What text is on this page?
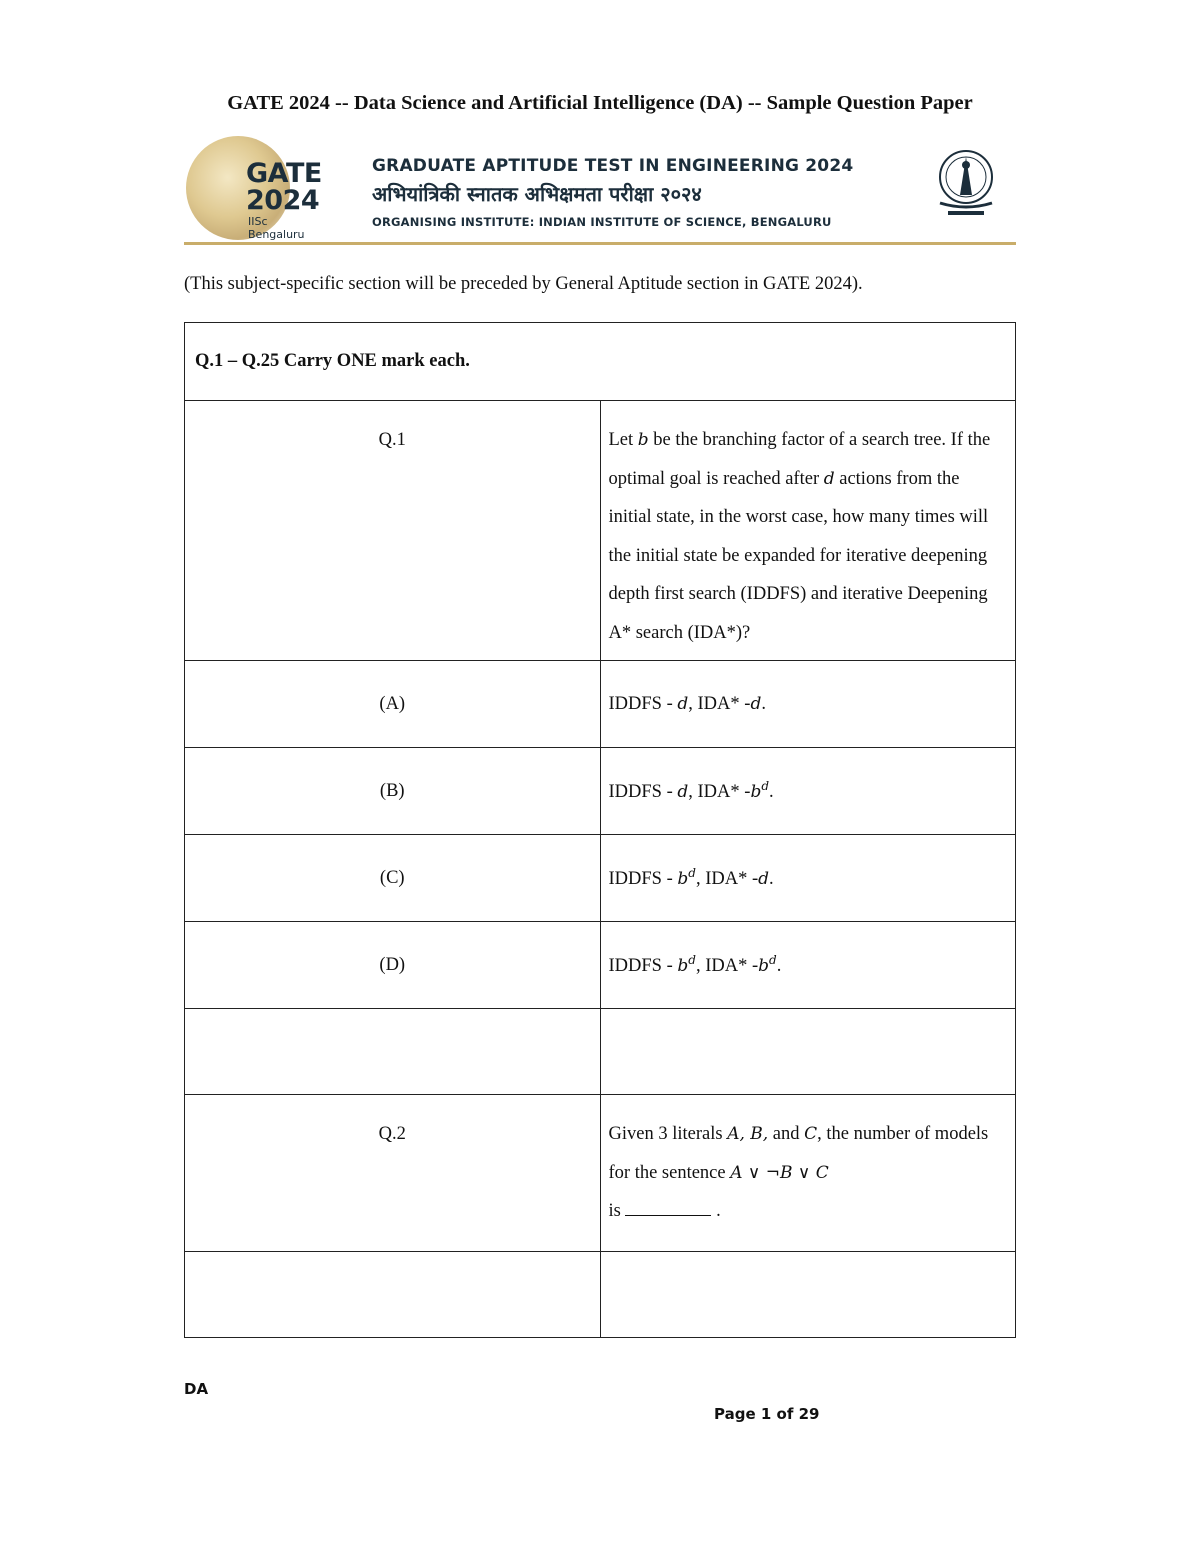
GATE 2024 -- Data Science and Artificial Intelligence (DA) -- Sample Question Paper
GATE
2024
IISc Bengaluru
GRADUATE APTITUDE TEST IN ENGINEERING 2024
अभियांत्रिकी स्नातक अभिक्षमता परीक्षा २०२४
ORGANISING INSTITUTE: INDIAN INSTITUTE OF SCIENCE, BENGALURU
(This subject-specific section will be preceded by General Aptitude section in GATE 2024).
Q.1 – Q.25 Carry ONE mark each.	
Q.1	Let b be the branching factor of a search tree. If the optimal goal is reached after d actions from the initial state, in the worst case, how many times will the initial state be expanded for iterative deepening depth first search (IDDFS) and iterative Deepening A* search (IDA*)?
(A)	IDDFS - d, IDA* -d.
(B)	IDDFS - d, IDA* $-b^d$.
(C)	IDDFS - $b^d$, IDA* -d.
(D)	IDDFS - $b^d$, IDA* $-b^d$.

Q.2	Given 3 literals A, B, and C, the number of models for the sentence A ∨ ¬B ∨ C
is .

DA
Page 1 of 29
